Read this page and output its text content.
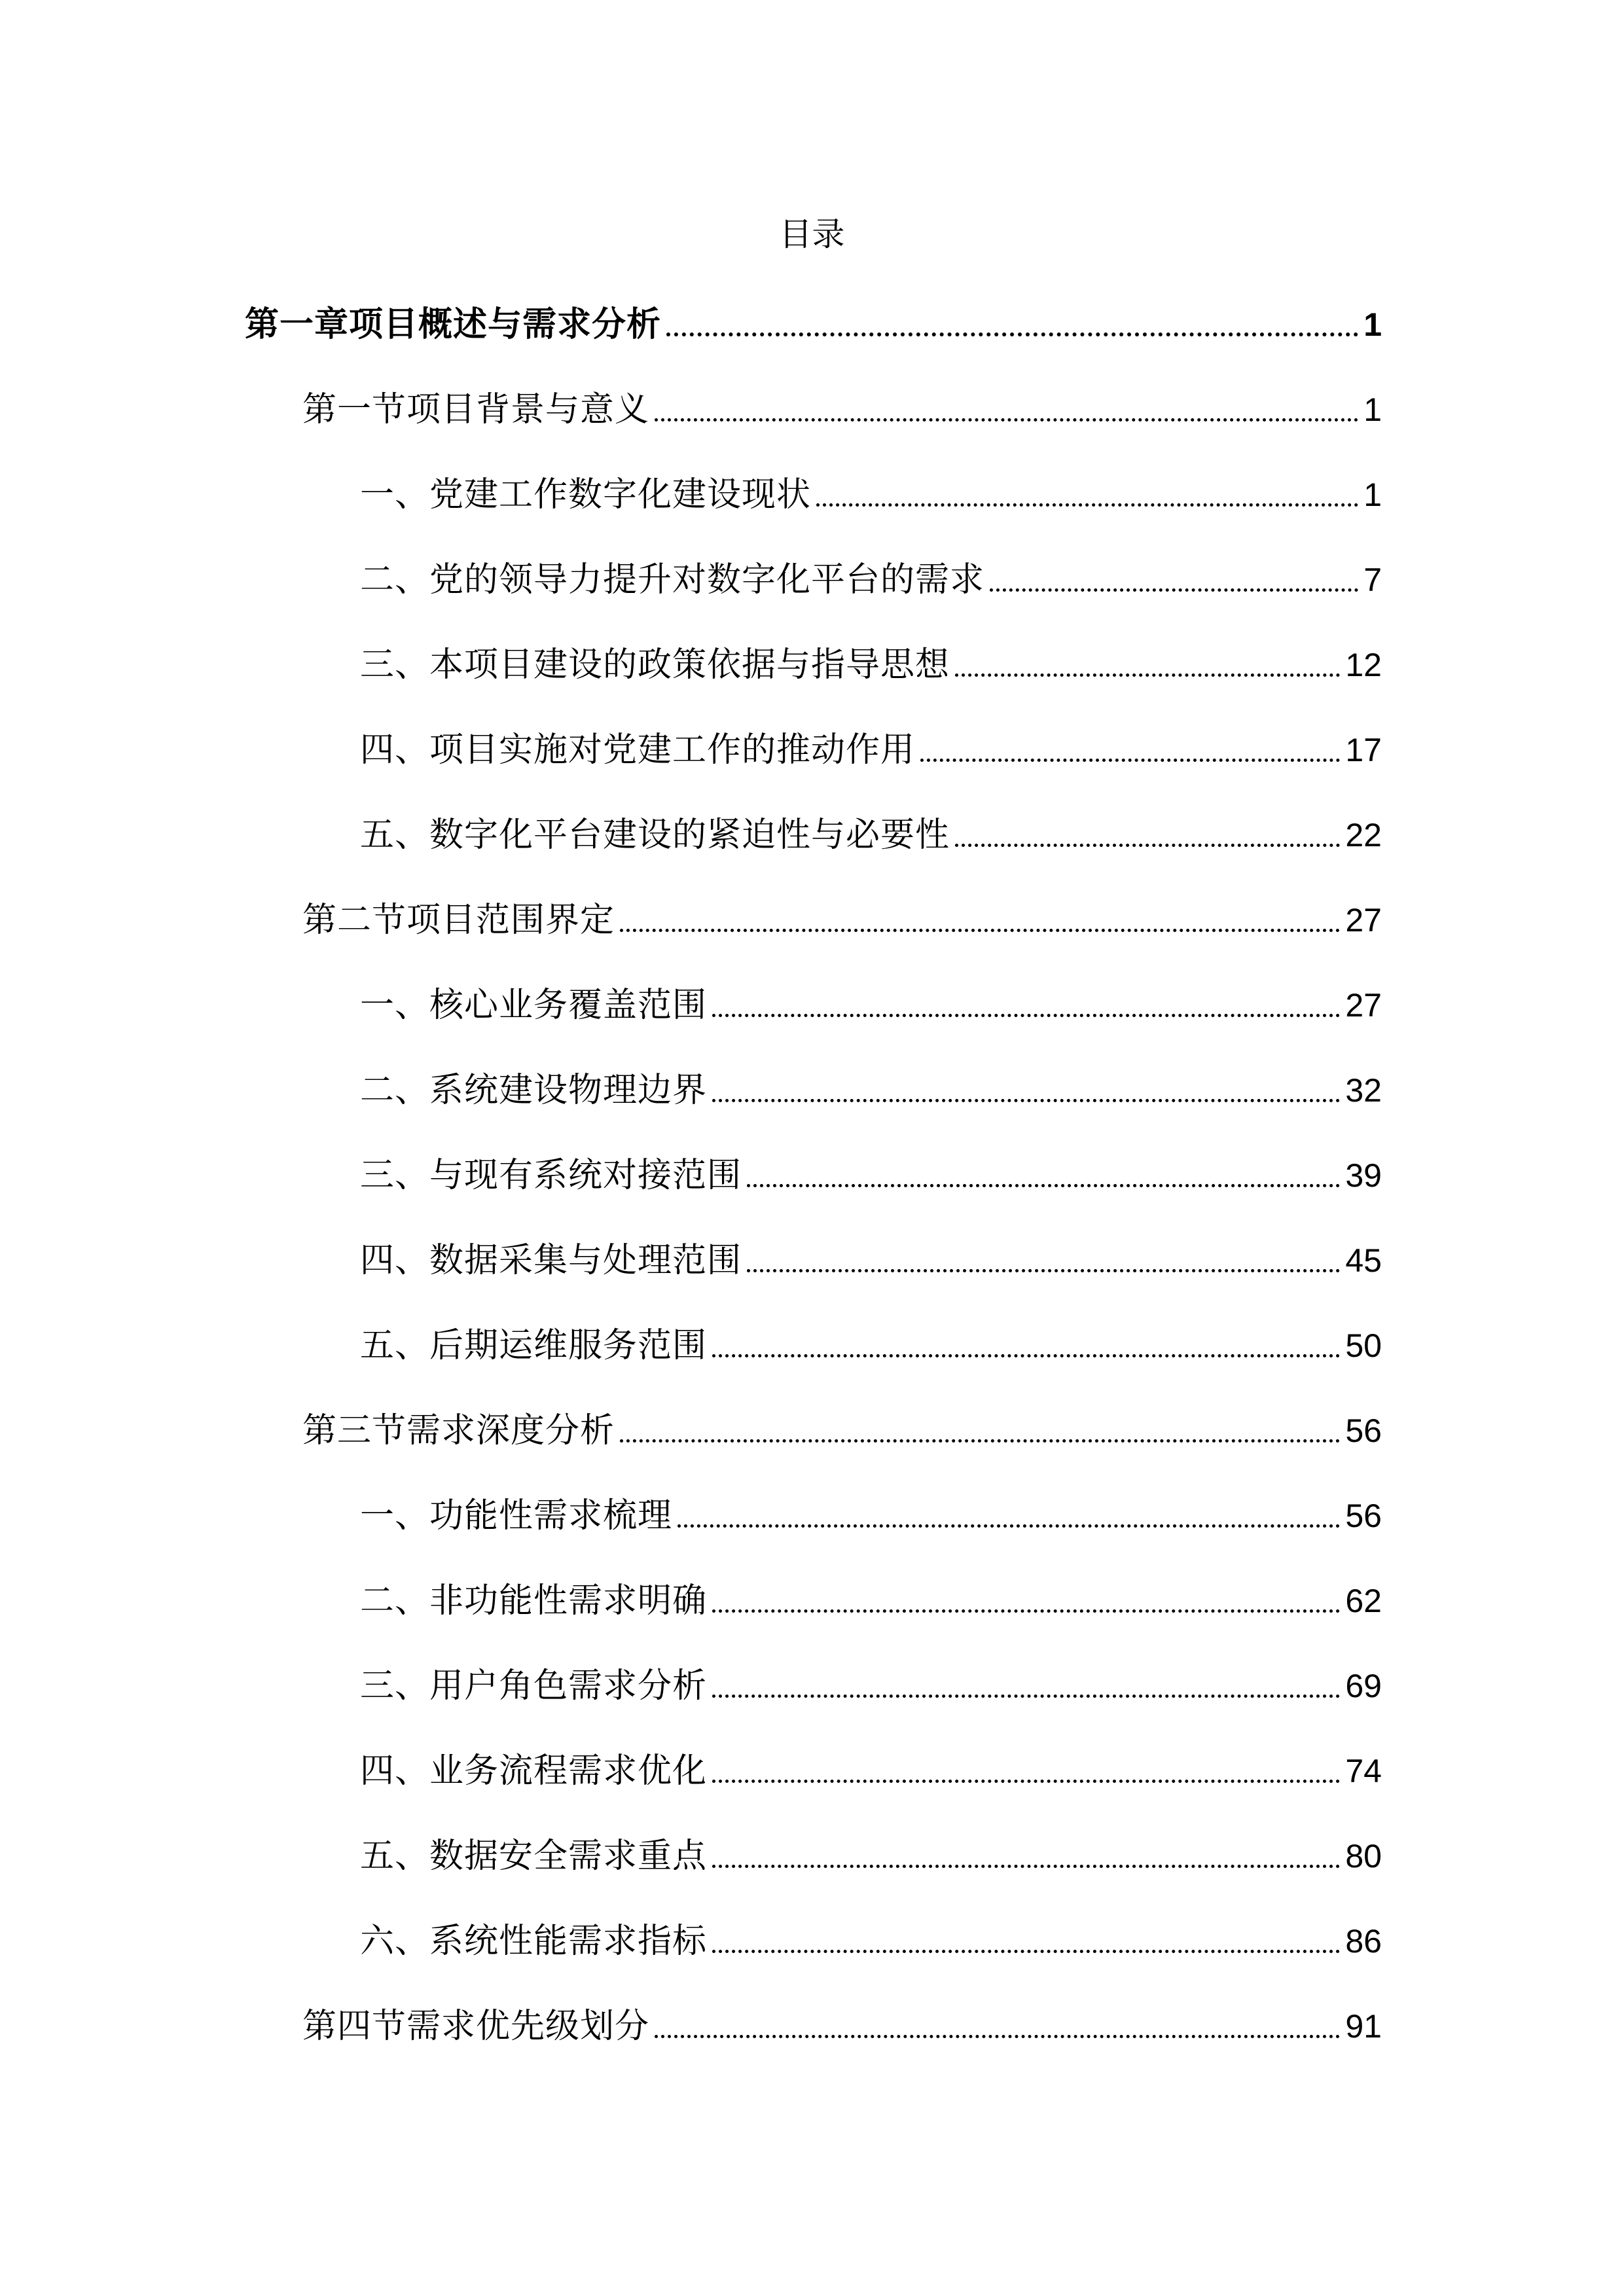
目录
第一章项目概述与需求分析	1
第一节项目背景与意义	1
一、党建工作数字化建设现状	1
二、党的领导力提升对数字化平台的需求	7
三、本项目建设的政策依据与指导思想	12
四、项目实施对党建工作的推动作用	17
五、数字化平台建设的紧迫性与必要性	22
第二节项目范围界定	27
一、核心业务覆盖范围	27
二、系统建设物理边界	32
三、与现有系统对接范围	39
四、数据采集与处理范围	45
五、后期运维服务范围	50
第三节需求深度分析	56
一、功能性需求梳理	56
二、非功能性需求明确	62
三、用户角色需求分析	69
四、业务流程需求优化	74
五、数据安全需求重点	80
六、系统性能需求指标	86
第四节需求优先级划分	91
